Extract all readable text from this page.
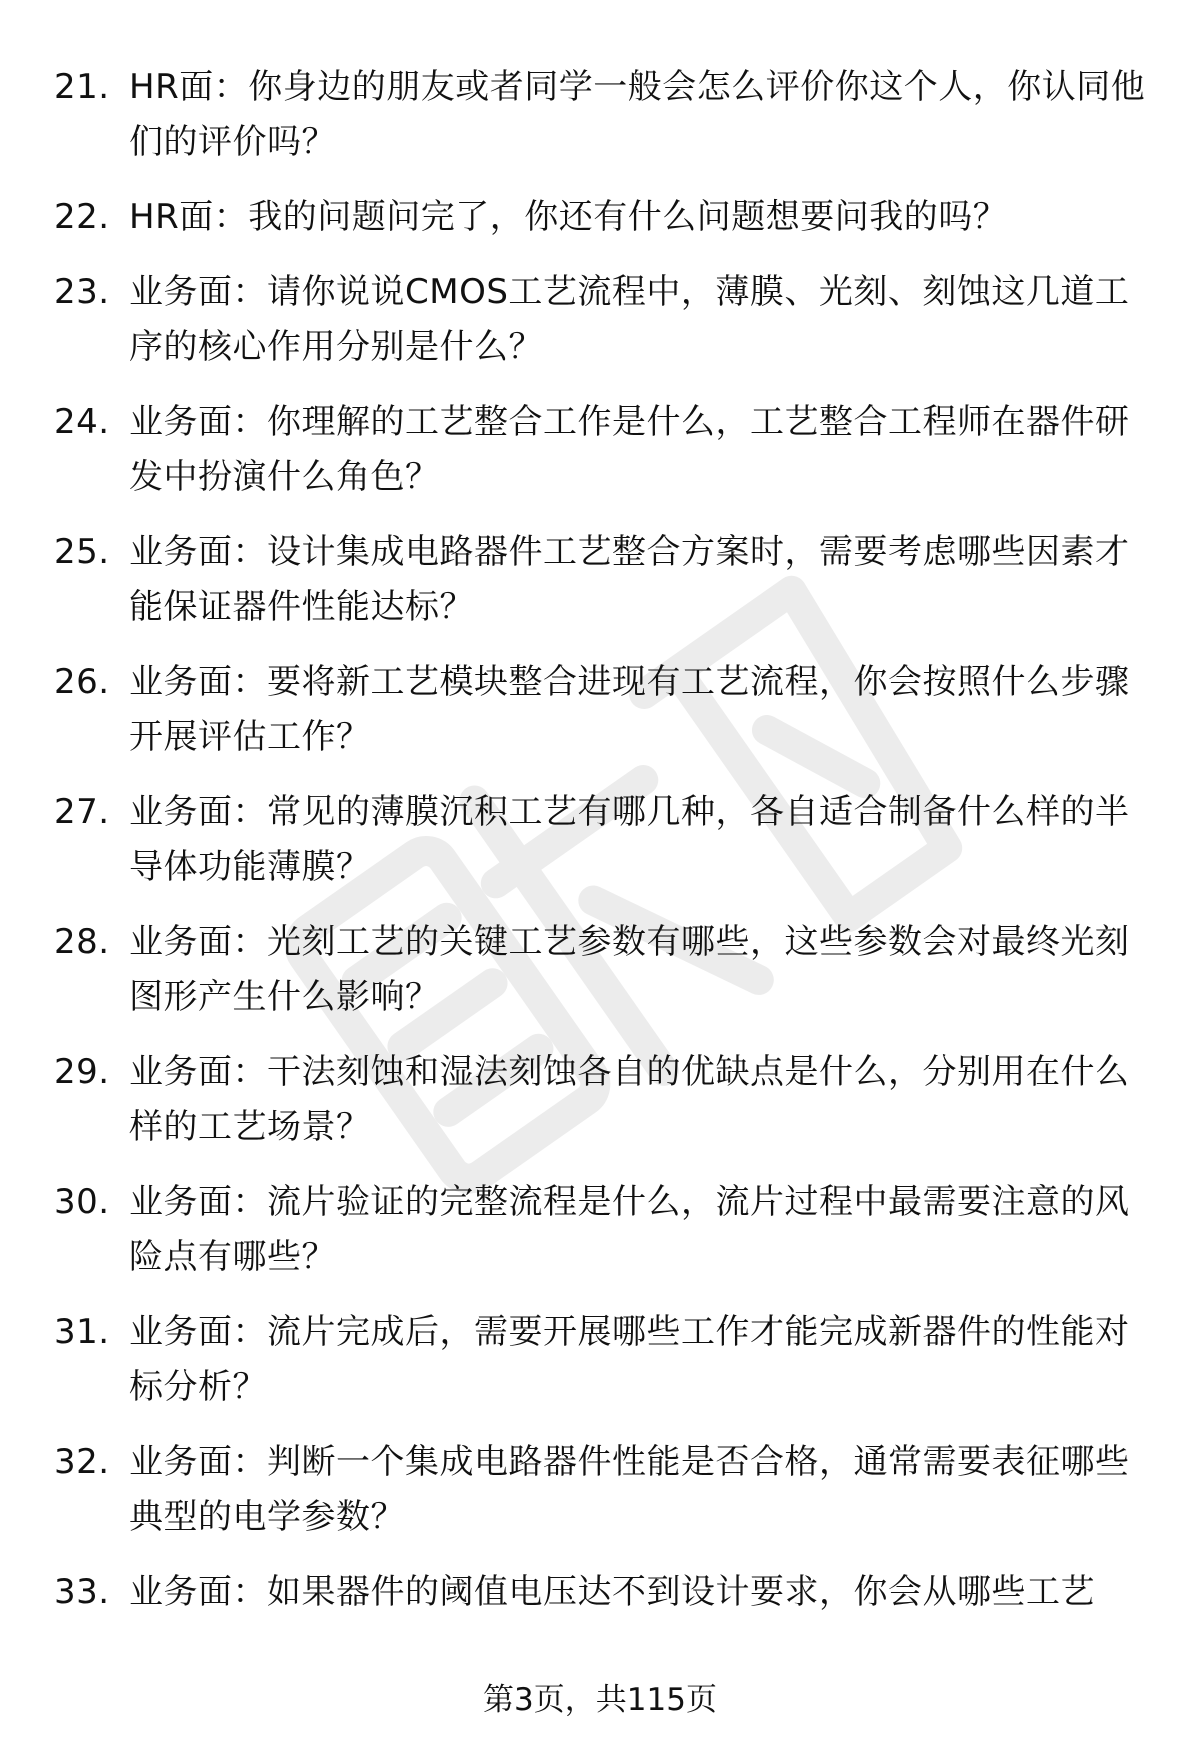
21. HR面：你身边的朋友或者同学一般会怎么评价你这个人，你认同他们的评价吗？
22. HR面：我的问题问完了，你还有什么问题想要问我的吗？
23. 业务面：请你说说CMOS工艺流程中，薄膜、光刻、刻蚀这几道工序的核心作用分别是什么？
24. 业务面：你理解的工艺整合工作是什么，工艺整合工程师在器件研发中扮演什么角色？
25. 业务面：设计集成电路器件工艺整合方案时，需要考虑哪些因素才能保证器件性能达标？
26. 业务面：要将新工艺模块整合进现有工艺流程，你会按照什么步骤开展评估工作？
27. 业务面：常见的薄膜沉积工艺有哪几种，各自适合制备什么样的半导体功能薄膜？
28. 业务面：光刻工艺的关键工艺参数有哪些，这些参数会对最终光刻图形产生什么影响？
29. 业务面：干法刻蚀和湿法刻蚀各自的优缺点是什么，分别用在什么样的工艺场景？
30. 业务面：流片验证的完整流程是什么，流片过程中最需要注意的风险点有哪些？
31. 业务面：流片完成后，需要开展哪些工作才能完成新器件的性能对标分析？
32. 业务面：判断一个集成电路器件性能是否合格，通常需要表征哪些典型的电学参数？
33. 业务面：如果器件的阈值电压达不到设计要求，你会从哪些工艺
第3页，共115页
